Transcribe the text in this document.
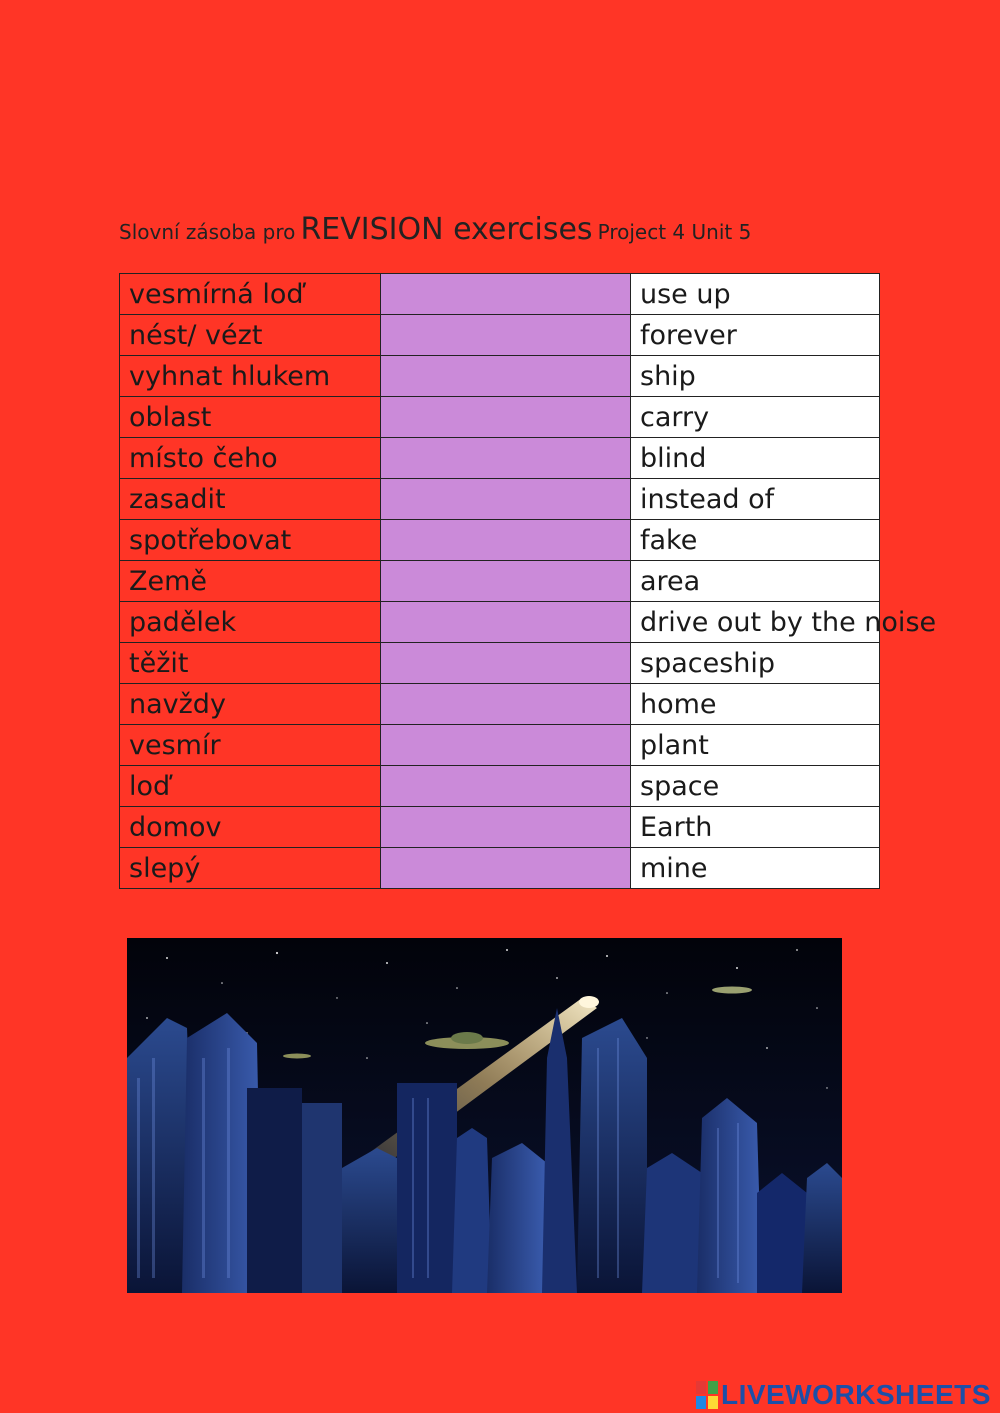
Slovní zásoba pro REVISION exercises Project 4 Unit 5
vesmírná loď		use up
nést/ vézt		forever
vyhnat hlukem		ship
oblast		carry
místo čeho		blind
zasadit		instead of
spotřebovat		fake
Země		area
padělek		drive out by the noise
těžit		spaceship
navždy		home
vesmír		plant
loď		space
domov		Earth
slepý		mine
LIVEWORKSHEETS
